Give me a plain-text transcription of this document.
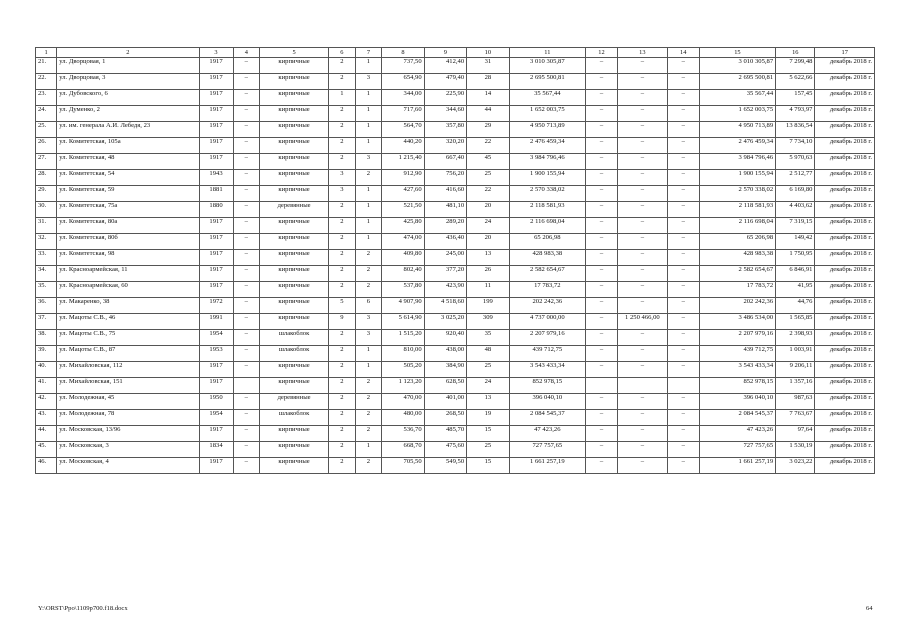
1	2	3	4	5	6	7	8	9	10	11	12	13	14	15	16	17
21.	ул. Дворцовая, 1	1917	–	кирпичные	2	1	737,50	412,40	31	3 010 305,87	–	–	–	3 010 305,87	7 299,48	декабрь 2018 г.
22.	ул. Дворцовая, 3	1917	–	кирпичные	2	3	654,90	479,40	28	2 695 500,81	–	–	–	2 695 500,81	5 622,66	декабрь 2018 г.
23.	ул. Дубовского, 6	1917	–	кирпичные	1	1	344,00	225,90	14	35 567,44	–	–	–	35 567,44	157,45	декабрь 2018 г.
24.	ул. Думенко, 2	1917	–	кирпичные	2	1	717,60	344,60	44	1 652 003,75	–	–	–	1 652 003,75	4 793,97	декабрь 2018 г.
25.	ул. им. генерала А.И. Лебедя, 23	1917	–	кирпичные	2	1	564,70	357,80	29	4 950 713,89	–	–	–	4 950 713,89	13 836,54	декабрь 2018 г.
26.	ул. Комитетская, 105а	1917	–	кирпичные	2	1	440,20	320,20	22	2 476 459,34	–	–	–	2 476 459,34	7 734,10	декабрь 2018 г.
27.	ул. Комитетская, 48	1917	–	кирпичные	2	3	1 215,40	667,40	45	3 984 796,46	–	–	–	3 984 796,46	5 970,63	декабрь 2018 г.
28.	ул. Комитетская, 54	1943	–	кирпичные	3	2	912,90	756,20	25	1 900 155,94	–	–	–	1 900 155,94	2 512,77	декабрь 2018 г.
29.	ул. Комитетская, 59	1881	–	кирпичные	3	1	427,60	416,60	22	2 570 338,02	–	–	–	2 570 338,02	6 169,80	декабрь 2018 г.
30.	ул. Комитетская, 75а	1880	–	деревянные	2	1	521,50	481,10	20	2 118 581,93	–	–	–	2 118 581,93	4 403,62	декабрь 2018 г.
31.	ул. Комитетская, 80а	1917	–	кирпичные	2	1	425,80	289,20	24	2 116 698,04	–	–	–	2 116 698,04	7 319,15	декабрь 2018 г.
32.	ул. Комитетская, 80б	1917	–	кирпичные	2	1	474,00	436,40	20	65 206,98	–	–	–	65 206,98	149,42	декабрь 2018 г.
33.	ул. Комитетская, 98	1917	–	кирпичные	2	2	409,80	245,00	13	428 983,38	–	–	–	428 983,38	1 750,95	декабрь 2018 г.
34.	ул. Красноармейская, 11	1917	–	кирпичные	2	2	802,40	377,20	26	2 582 654,67	–	–	–	2 582 654,67	6 846,91	декабрь 2018 г.
35.	ул. Красноармейская, 60	1917	–	кирпичные	2	2	537,80	423,90	11	17 783,72	–	–	–	17 783,72	41,95	декабрь 2018 г.
36.	ул. Макаренко, 38	1972	–	кирпичные	5	6	4 907,90	4 518,60	199	202 242,36	–	–	–	202 242,36	44,76	декабрь 2018 г.
37.	ул. Мацоты С.В., 46	1991	–	кирпичные	9	3	5 614,90	3 025,20	309	4 737 000,00	–	1 250 466,00	–	3 486 534,00	1 565,85	декабрь 2018 г.
38.	ул. Мацоты С.В., 75	1954	–	шлакоблок	2	3	1 515,20	920,40	35	2 207 979,16	–	–	–	2 207 979,16	2 398,93	декабрь 2018 г.
39.	ул. Мацоты С.В., 87	1953	–	шлакоблок	2	1	810,00	438,00	48	439 712,75	–	–	–	439 712,75	1 003,91	декабрь 2018 г.
40.	ул. Михайловская, 112	1917	–	кирпичные	2	1	505,20	384,90	25	3 543 433,34	–	–	–	3 543 433,34	9 206,11	декабрь 2018 г.
41.	ул. Михайловская, 151	1917		кирпичные	2	2	1 123,20	628,50	24	852 978,15				852 978,15	1 357,16	декабрь 2018 г.
42.	ул. Молодежная, 45	1950	–	деревянные	2	2	470,00	401,00	13	396 040,10	–	–	–	396 040,10	987,63	декабрь 2018 г.
43.	ул. Молодежная, 78	1954	–	шлакоблок	2	2	480,00	268,50	19	2 084 545,37	–	–	–	2 084 545,37	7 763,67	декабрь 2018 г.
44.	ул. Московская, 13/96	1917	–	кирпичные	2	2	536,70	485,70	15	47 423,26	–	–	–	47 423,26	97,64	декабрь 2018 г.
45.	ул. Московская, 3	1834	–	кирпичные	2	1	668,70	475,60	25	727 757,65	–	–	–	727 757,65	1 530,19	декабрь 2018 г.
46.	ул. Московская, 4	1917	–	кирпичные	2	2	705,50	549,50	15	1 661 257,19	–	–	–	1 661 257,19	3 023,22	декабрь 2018 г.
Y:\ORST\Ppo\1109p700.f18.docx	64
